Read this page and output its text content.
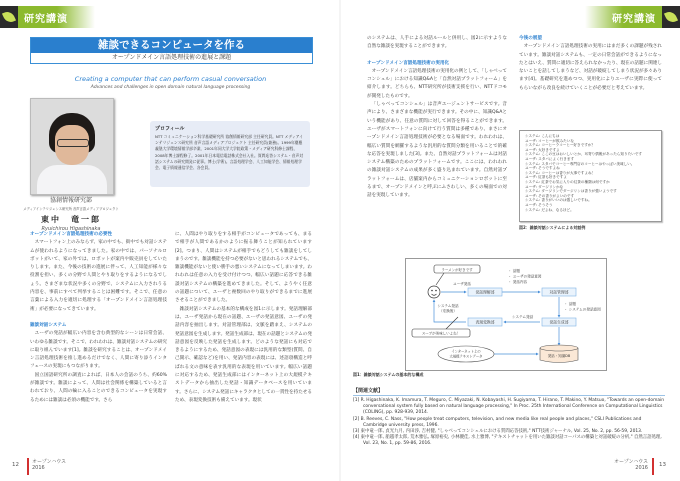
研究講演
雑談できるコンピュータを作る
オープンドメイン言語処理技術の進展と課題
Creating a computer that can perform casual conversation
Advances and challenges in open domain natural language processing
協創情報研究部
メディアインテリジェンス研究所 音声言語メディアプロジェクト
東中　竜一郎
Ryuichirou Higashinaka
プロフィール
NTT コミュニケーション科学基礎研究所 協創情報研究部 主任研究員。NTT メディアインテリジェンス研究所 音声言語メディアプロジェクト 主任研究員(兼務)。1999年慶應義塾大学環境情報学部卒業、2001年同大学大学院政策・メディア研究科修士課程、2008年博士課程修了。2001年日本電信電話株式会社入社。質問応答システム・音声対話システムの研究開発に従事。博士(学術)。言語処理学会、人工知能学会、情報処理学会、電子情報通信学会、各会員。

オープンドメイン言語処理技術の必要性

スマートフォン上のみならず、家の中でも、街中でも対話システムが使われるようになってきました。家の中では、パーソナルロボットがいて、家の外では、ロボットが案内や販売員をしていたりします。また、今後の技術の進展に伴って、人工知能が様々な役割を担い、多くの分野で人間とやり取りをするようになるでしょう。さまざまな状況や多くの分野で、システムに入力されうる内容を、事前にすべて列挙することは困難です。そこで、任意の言葉による入力を適切に処理する「オープンドメイン言語処理技術」が必要になってきています。

雑談対話システム

ユーザの発話が幅広い内容を含む典型的なシーンは日常会話、いわゆる雑談です。そこで、われわれは、雑談対話システムの研究に取り組んでいます[1]。雑談を研究することは、オープンドメイン言語処理技術を推し進めるだけでなく、人間に寄り添うインタフェースの実現にもつながります。

国立国語研究所の調査によれば、日本人の会話のうち、約60%が雑談です。雑談によって、人間は社会関係を構築していると言われており、人間の輪に入ることのできるコンピュータを実現するためには雑談は必須の機能です。さら

に、人間はやり取りをする相手がコンピュータであっても、まるで相手が人間であるかのように振る舞うことが知られています[2]。つまり、人間はシステムが相手でもどうしても雑談をしてしまうのです。雑談機能を持つ必要がないと思われるシステムでも、雑談機能がないと使い勝手の悪いシステムになってしまいます。われわれは任意の入力を受け付けつつ、幅広い話題に応答できる雑談対話システムの構築を進めてきました。そして、ようやく任意の話題について、ユーザと複数回のやり取りができるまでに進展させることができました。

雑談対話システムの基本的な構成を図1に示します。発話理解部は、ユーザ発話から現在の話題、ユーザの発話意図、ユーザの発話内容を抽出します。対話管理部は、文脈を踏まえ、システムの発話意図を生成します。発話生成部は、現在の話題とシステムの発話意図を反映した発話を生成します。どのような発話にも対応できるようにするため、発話意図の表現には汎用的な類型(質問、自己開示、確認など)を用い、発話内容の表現には、述語項構造と呼ばれる文の意味を表す汎用的な表現を用いています。幅広い話題に対応するため、発話生成部にはインターネット上の大規模テキストデータから抽出した発話・知識データベースを用いています。さらに、システム発話にキャラクタとしての一貫性を持たせるため、表現変換技術も備えています。現状

12	オープンハウス
2016
研究講演

のシステムは、人手による対話ルールと併用し、図2に示すような自然な雑談を実現することができます。

オープンドメイン言語処理技術の実用化

オープンドメイン言語処理技術の実用化の例として、「しゃべってコンシェル」における知識Q&Aと「自然対話プラットフォーム」を紹介します。どちらも、NTT研究所が技術支援を行い、NTTドコモが開発したものです。

「しゃべってコンシェル」は音声エージェントサービスです。音声により、さまざまな機能が実行できます。その中に、知識Q&Aという機能があり、任意の質問に対して回答を得ることができます。ユーザがスマートフォンに向けて行う質問は多種であり、まさにオープンドメイン言語処理技術が必要となる場面です。われわれは、幅広い質問を網羅するような汎用的な質問分類を用いることで的確な応答を実現しました[3]。また、自然対話プラットフォームは対話システム構築のためのプラットフォームです。ここには、われわれの雑談対話システムの成果が多く盛り込まれています。自然対話プラットフォームは、店舗案内からコミュニケーションロボットに至るまで、オープンドメインと呼ぶにふさわしい、多くの場面での対話を実現しています。

今後の展望

オープンドメイン言語処理技術の実用にはまだ多くの課題が残されています。雑談対話システムも、一定の日常会話ができるようになったとはいえ、質問に適切に答えられなかったり、現在の話題に関連しないことを話してしまうなど、対話が破綻してしまう状況が多々あります[4]。基礎研究を進めつつ、実用化によりユーザに実際に使ってもらいながら改良を続けていくことが必要だと考えています。

システム: こんにちは
ユーザ: コーヒーが飲みたいな
システム: コーヒーラコーヒー好きですか？
ユーザ: 大好きですよ
システム: ここの豆はおいしいとか、耳寄り情報があったら知りたいです
ユーザ: スタバによく行きます
システム: スタバでコーヒー専門店のコーヒーはやっぱい美味しい。
ユーザ: そうですよね
システム: コーヒーは香りが大事ですよね！
ユーザ: 紅茶も好きですよ
システム: 紅茶でお気に入りの紅茶の種類は何ですか
ユーザ: ダージリンかな
システム: ダージリンでダージリンは香りが強いようです
ユーザ: その香りがよいのです
システム: 香りがいいのは嬉しいですね。
ユーザ: そうそう
システム: だよね、なるほど。
図2：雑談対話システムによる対話例
ラーメンが好きです
ユーザ発話
発話理解部	対話管理部
発話生成部
表現変換部
・ 話題
・ ユーザの発話意図
・ 発話内容
・ 話題
・ システムの発話意図
システム発話
システム発話
（変換後）
スープが美味しいよね！
インターネット上の
大規模テキストデータ	発話・知識DB
図1：雑談対話システムの基本的な構成
【関連文献】
[1] R. Higashinaka, K. Imamura, T. Meguro, C. Miyazaki, N. Kobayashi, H. Sugiyama, T. Hirano, T. Makino, Y. Matsuo, "Towards an open-domain conversational system fully based on natural language processing," In Proc. 25th International Conference on Computational Linguistics (COLING), pp. 928-939, 2014.
[2] B. Reeves, C. Nass, "How people treat computers, television, and new media like real people and places," CSLI Publications and Cambridge university press, 1996.
[3] 東中竜一郎, 貞光九月, 内田渉, 吉村健, "しゃべってコンシェルにおける質問応答技術," NTT技術ジャーナル, Vol. 25, No. 2, pp. 56-59, 2013.
[4] 東中竜一郎, 船越孝太郎, 荒木雅弘, 塚原裕史, 小林優佳, 水上雅博, "テキストチャットを用いた雑談対話コーパスの構築と対話破綻の分析," 自然言語処理, Vol. 23, No. 1, pp. 59-86, 2016.
オープンハウス
2016 13
